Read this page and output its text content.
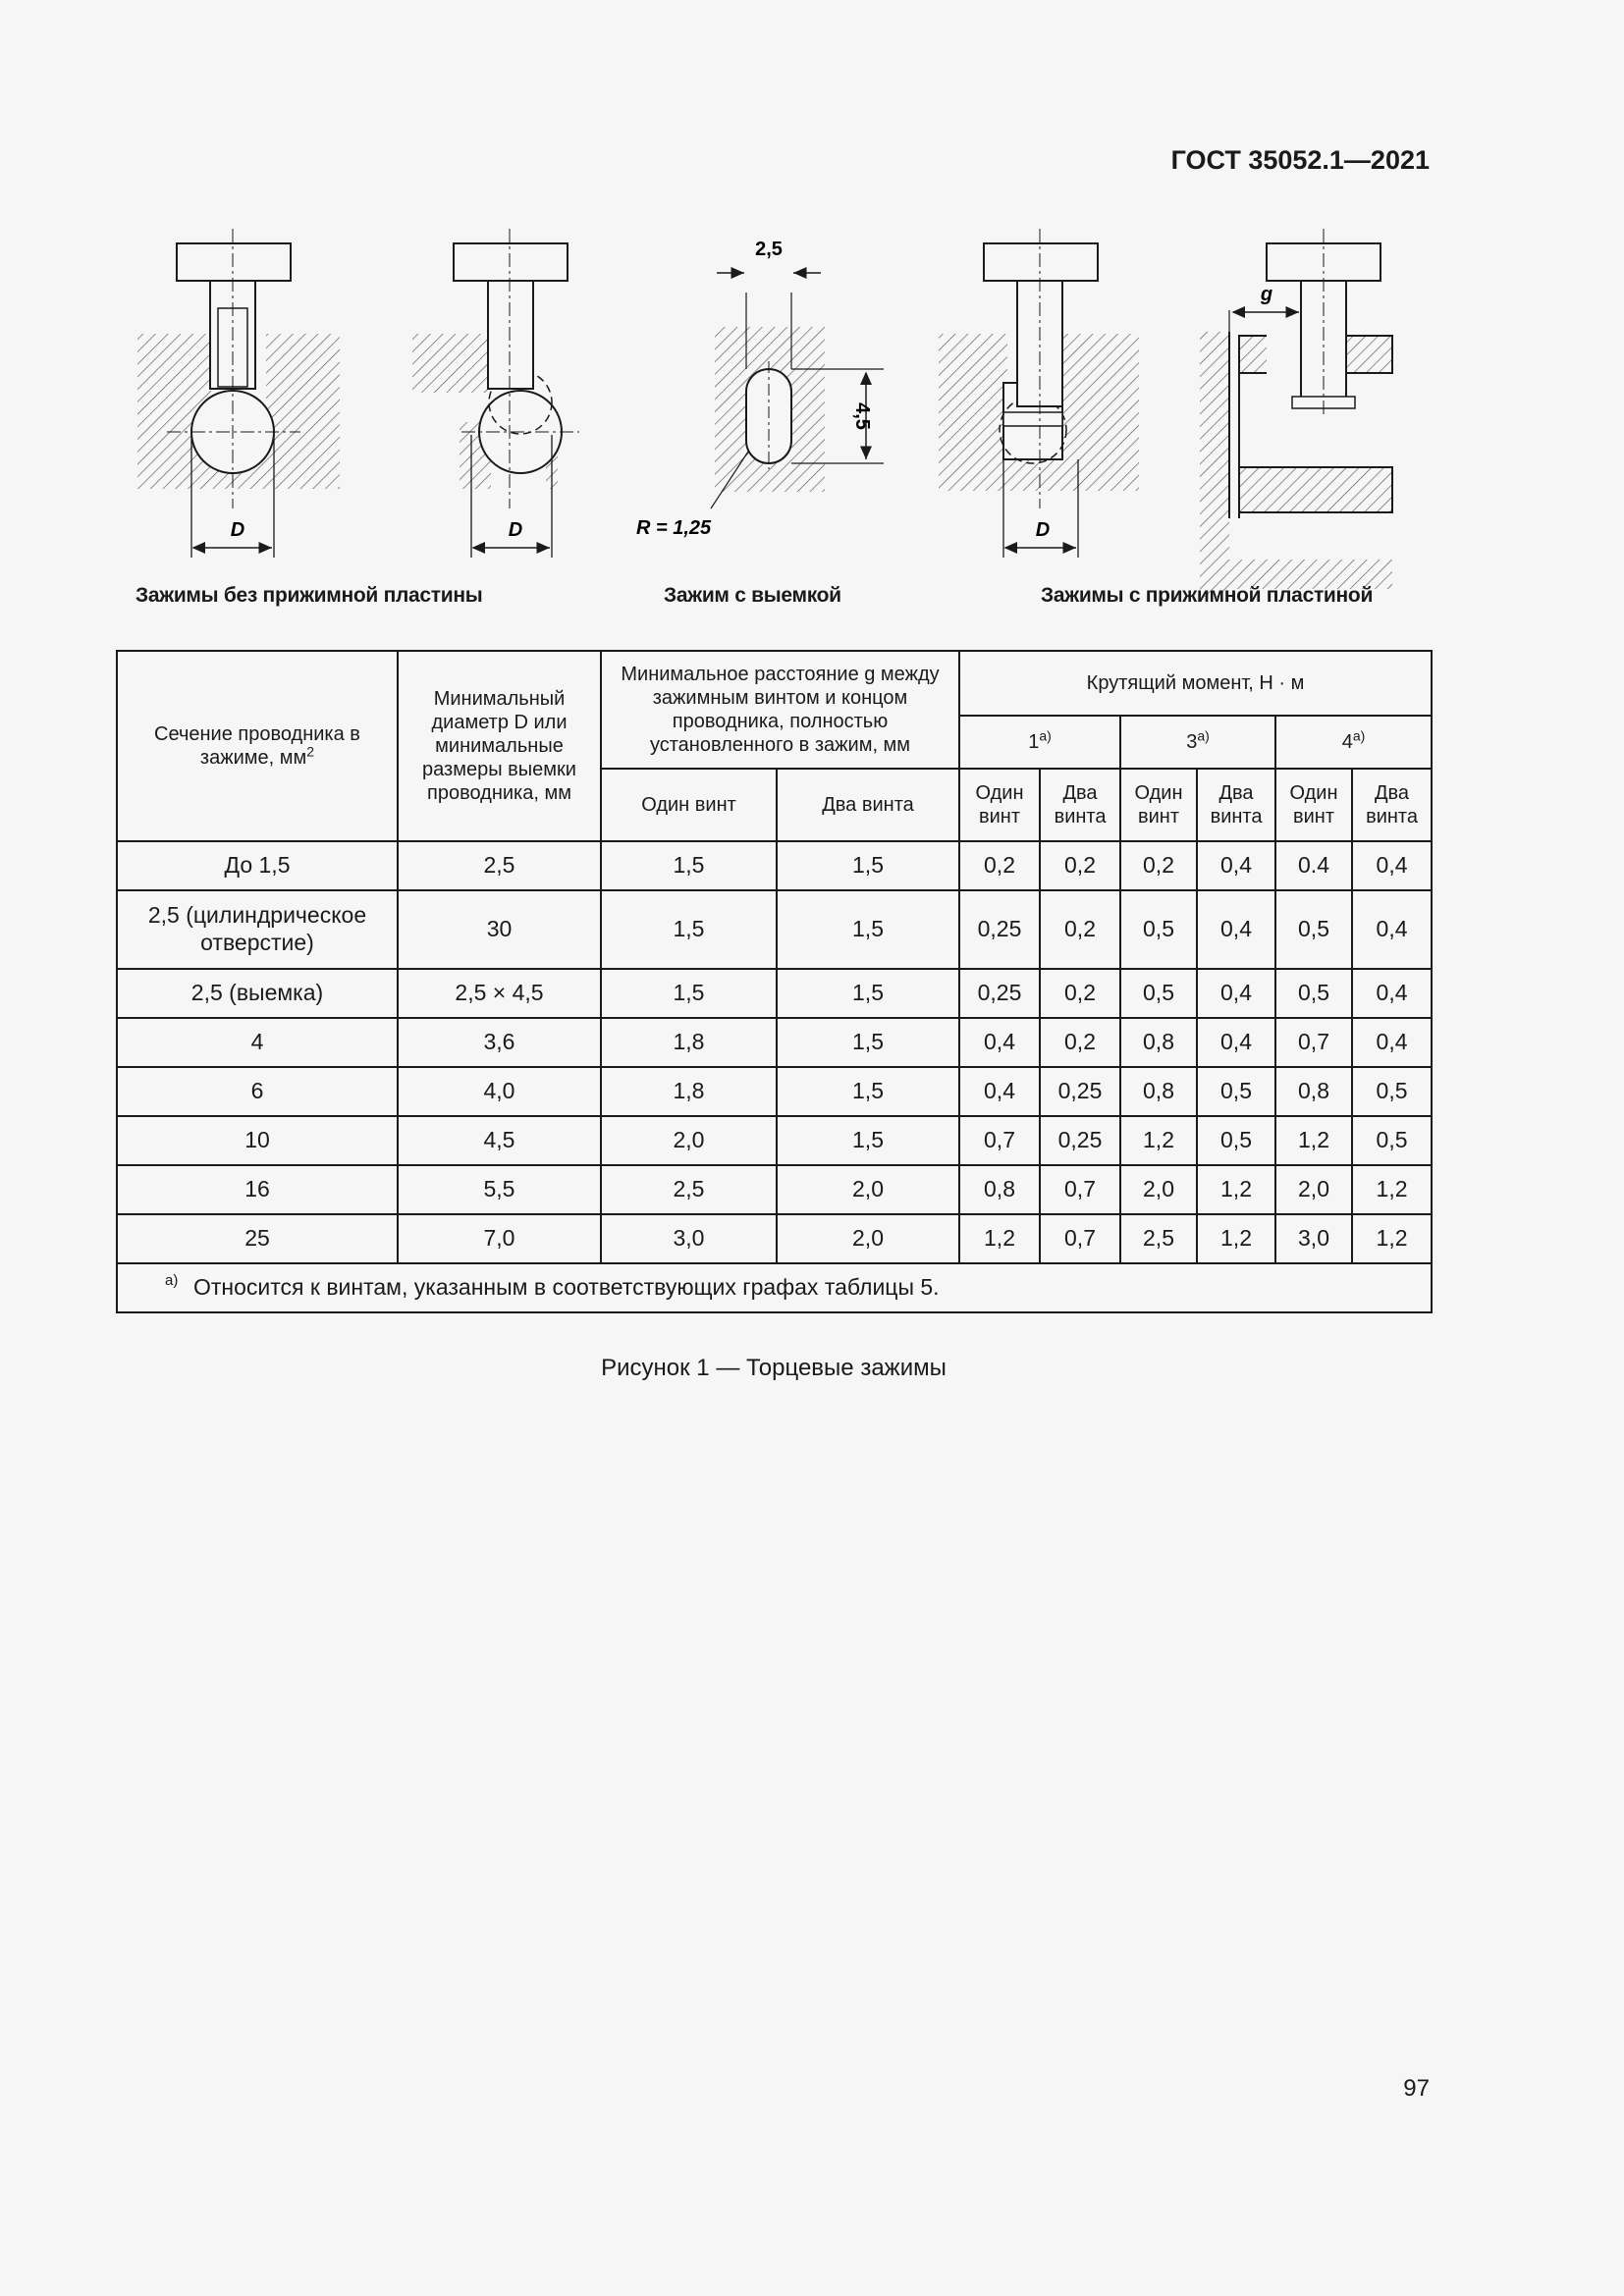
ГОСТ 35052.1—2021
D	D
2,5
4,5
R = 1,25	D
g
Зажимы без прижимной пластины	Зажим с выемкой	Зажимы с прижимной пластиной
Сечение проводника в зажиме, $мм^2$	Минимальный диаметр D или минимальные размеры выемки проводника, мм	Минимальное расстояние g между зажимным винтом и концом проводника, полностью установленного в зажим, мм		Крутящий момент, Н · м					
				$1^{а)}$		$3^{а)}$		$4^{а)}$
		Один винт	Два винта	Один винт	Два винта	Один винт	Два винта	Один винт	Два винта
До 1,5	2,5	1,5	1,5	0,2	0,2	0,2	0,4	0.4	0,4
2,5 (цилиндрическое отверстие)	30	1,5	1,5	0,25	0,2	0,5	0,4	0,5	0,4
2,5 (выемка)	2,5 × 4,5	1,5	1,5	0,25	0,2	0,5	0,4	0,5	0,4
4	3,6	1,8	1,5	0,4	0,2	0,8	0,4	0,7	0,4
6	4,0	1,8	1,5	0,4	0,25	0,8	0,5	0,8	0,5
10	4,5	2,0	1,5	0,7	0,25	1,2	0,5	1,2	0,5
16	5,5	2,5	2,0	0,8	0,7	2,0	1,2	2,0	1,2
25	7,0	3,0	2,0	1,2	0,7	2,5	1,2	3,0	1,2

а) Относится к винтам, указанным в соответствующих графах таблицы 5.									
Рисунок 1 — Торцевые зажимы
97
